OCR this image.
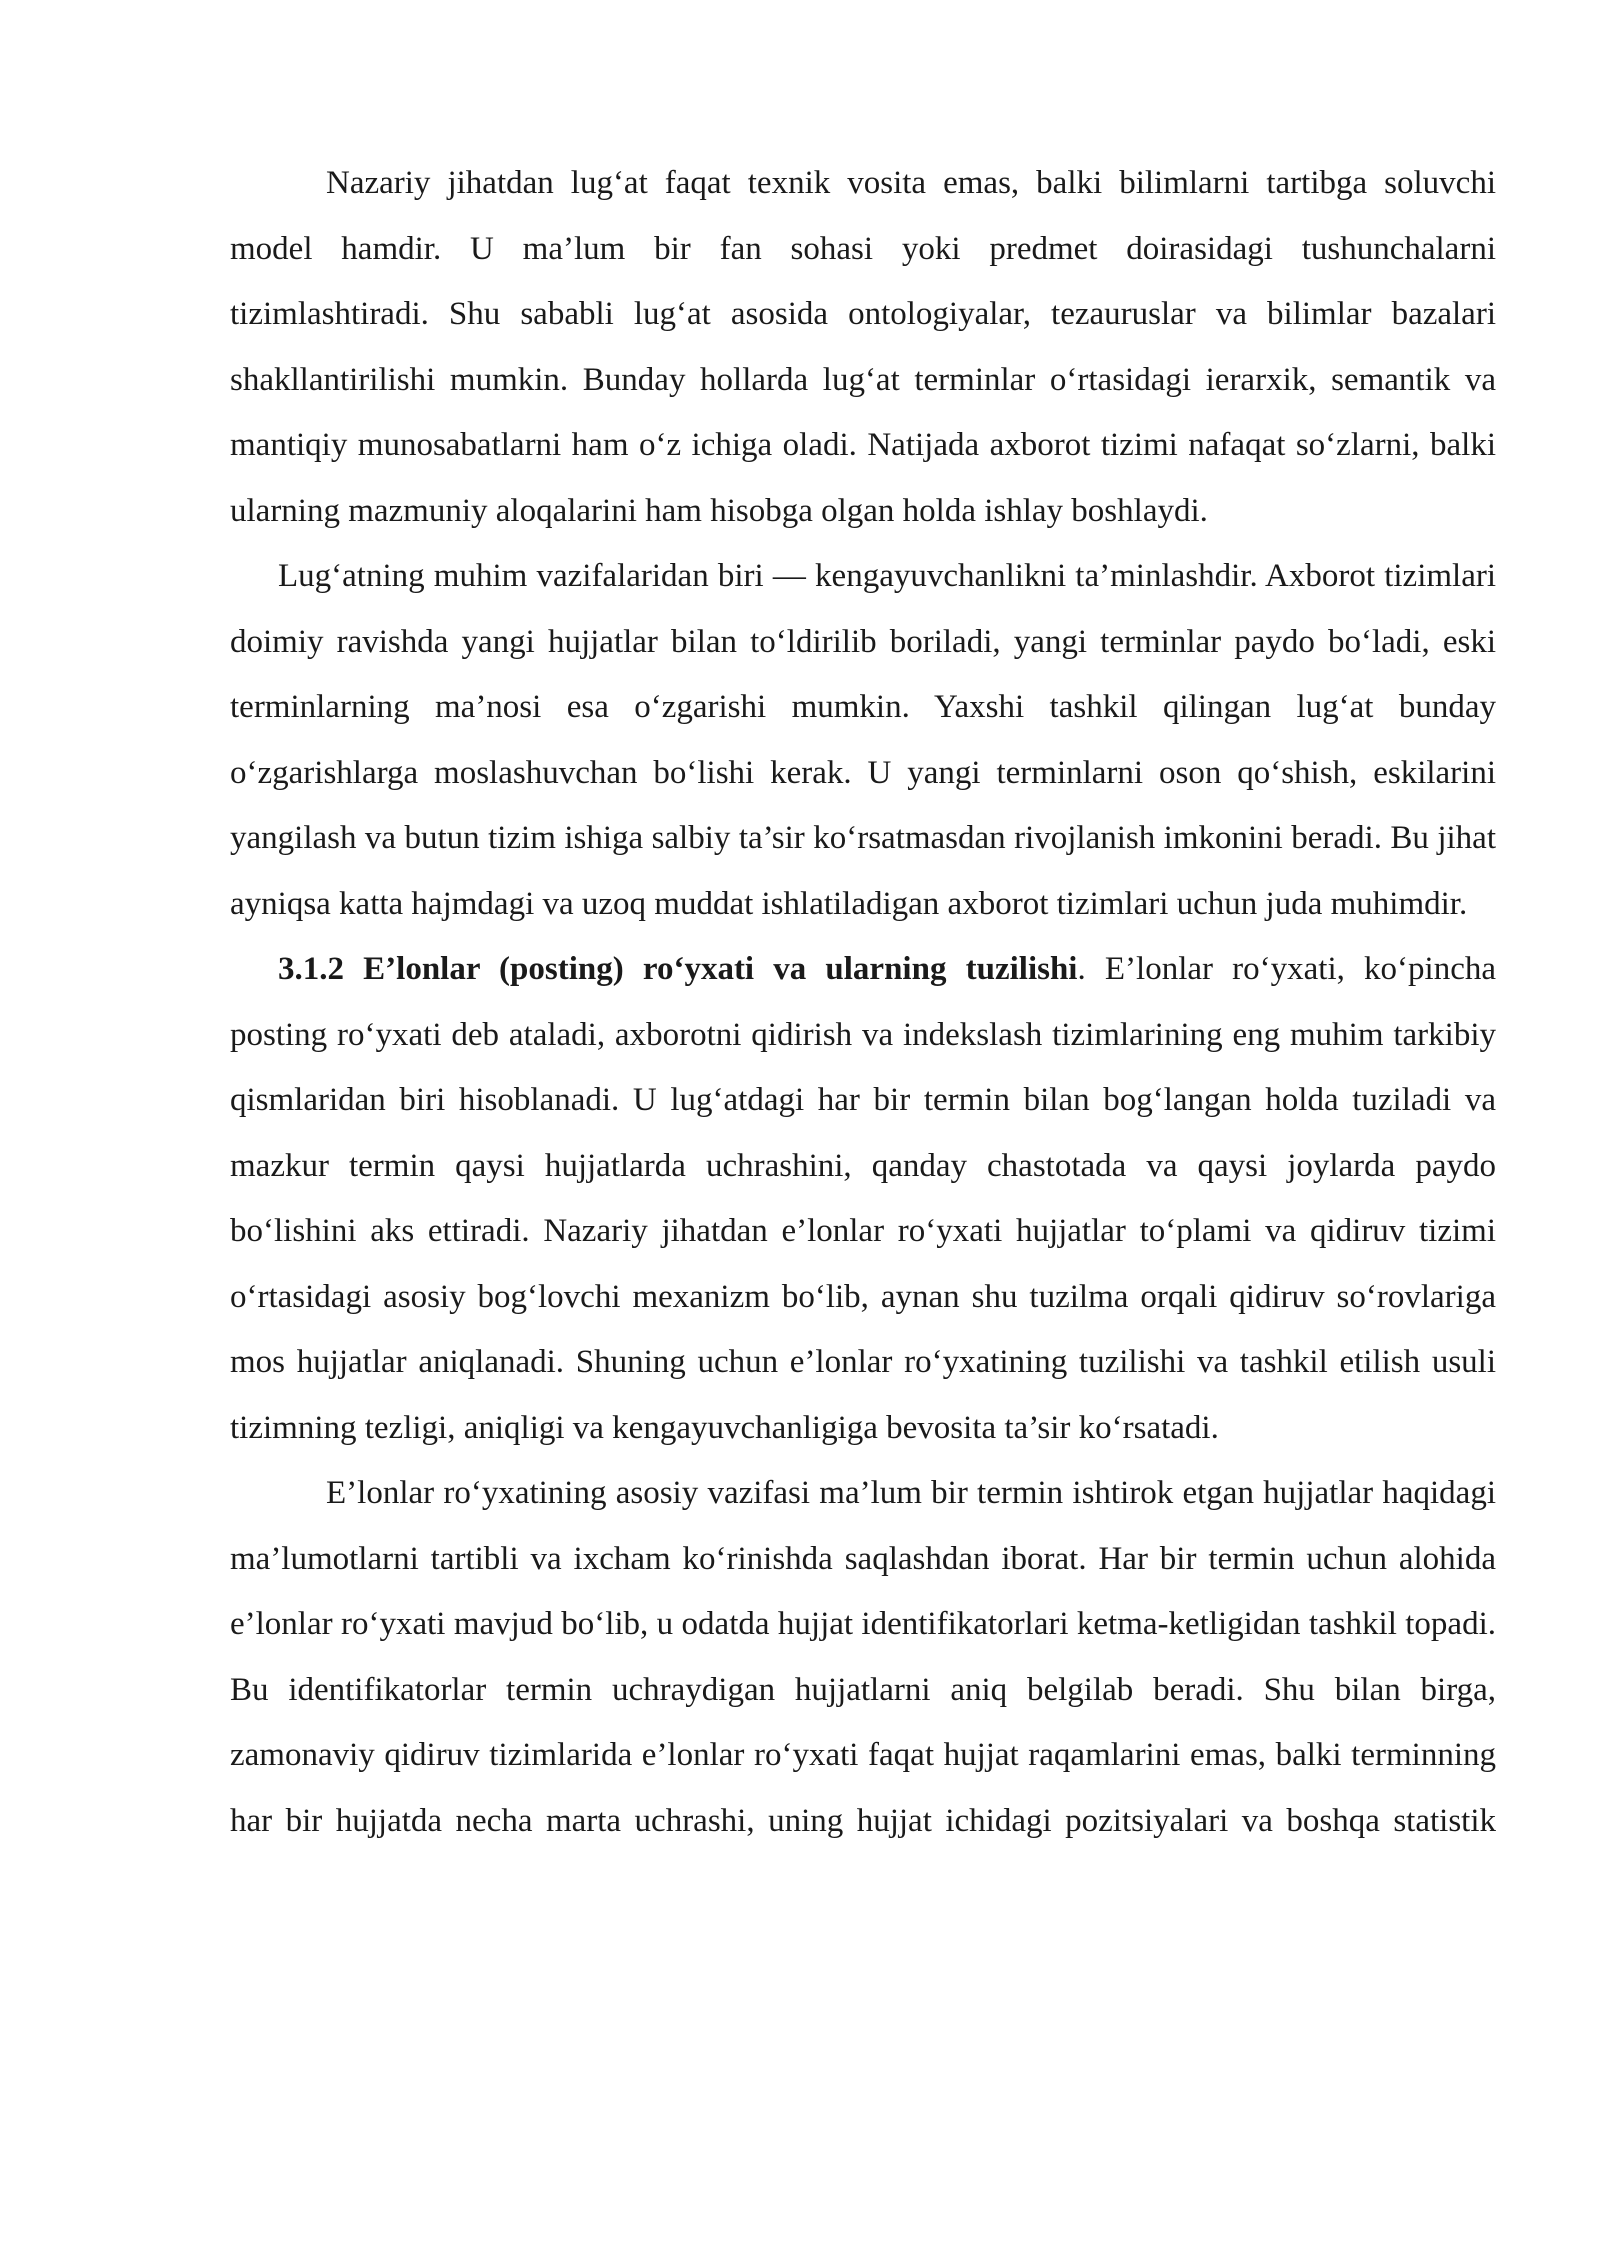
Nazariy jihatdan lug‘at faqat texnik vosita emas, balki bilimlarni tartibga soluvchi model hamdir. U ma’lum bir fan sohasi yoki predmet doirasidagi tushunchalarni tizimlashtiradi. Shu sababli lug‘at asosida ontologiyalar, tezauruslar va bilimlar bazalari shakllantirilishi mumkin. Bunday hollarda lug‘at terminlar o‘rtasidagi ierarxik, semantik va mantiqiy munosabatlarni ham o‘z ichiga oladi. Natijada axborot tizimi nafaqat so‘zlarni, balki ularning mazmuniy aloqalarini ham hisobga olgan holda ishlay boshlaydi.

Lug‘atning muhim vazifalaridan biri — kengayuvchanlikni ta’minlashdir. Axborot tizimlari doimiy ravishda yangi hujjatlar bilan to‘ldirilib boriladi, yangi terminlar paydo bo‘ladi, eski terminlarning ma’nosi esa o‘zgarishi mumkin. Yaxshi tashkil qilingan lug‘at bunday o‘zgarishlarga moslashuvchan bo‘lishi kerak. U yangi terminlarni oson qo‘shish, eskilarini yangilash va butun tizim ishiga salbiy ta’sir ko‘rsatmasdan rivojlanish imkonini beradi. Bu jihat ayniqsa katta hajmdagi va uzoq muddat ishlatiladigan axborot tizimlari uchun juda muhimdir.

3.1.2 E’lonlar (posting) ro‘yxati va ularning tuzilishi. E’lonlar ro‘yxati, ko‘pincha posting ro‘yxati deb ataladi, axborotni qidirish va indekslash tizimlarining eng muhim tarkibiy qismlaridan biri hisoblanadi. U lug‘atdagi har bir termin bilan bog‘langan holda tuziladi va mazkur termin qaysi hujjatlarda uchrashini, qanday chastotada va qaysi joylarda paydo bo‘lishini aks ettiradi. Nazariy jihatdan e’lonlar ro‘yxati hujjatlar to‘plami va qidiruv tizimi o‘rtasidagi asosiy bog‘lovchi mexanizm bo‘lib, aynan shu tuzilma orqali qidiruv so‘rovlariga mos hujjatlar aniqlanadi. Shuning uchun e’lonlar ro‘yxatining tuzilishi va tashkil etilish usuli tizimning tezligi, aniqligi va kengayuvchanligiga bevosita ta’sir ko‘rsatadi.

E’lonlar ro‘yxatining asosiy vazifasi ma’lum bir termin ishtirok etgan hujjatlar haqidagi ma’lumotlarni tartibli va ixcham ko‘rinishda saqlashdan iborat. Har bir termin uchun alohida e’lonlar ro‘yxati mavjud bo‘lib, u odatda hujjat identifikatorlari ketma-ketligidan tashkil topadi. Bu identifikatorlar termin uchraydigan hujjatlarni aniq belgilab beradi. Shu bilan birga, zamonaviy qidiruv tizimlarida e’lonlar ro‘yxati faqat hujjat raqamlarini emas, balki terminning har bir hujjatda necha marta uchrashi, uning hujjat ichidagi pozitsiyalari va boshqa statistik
